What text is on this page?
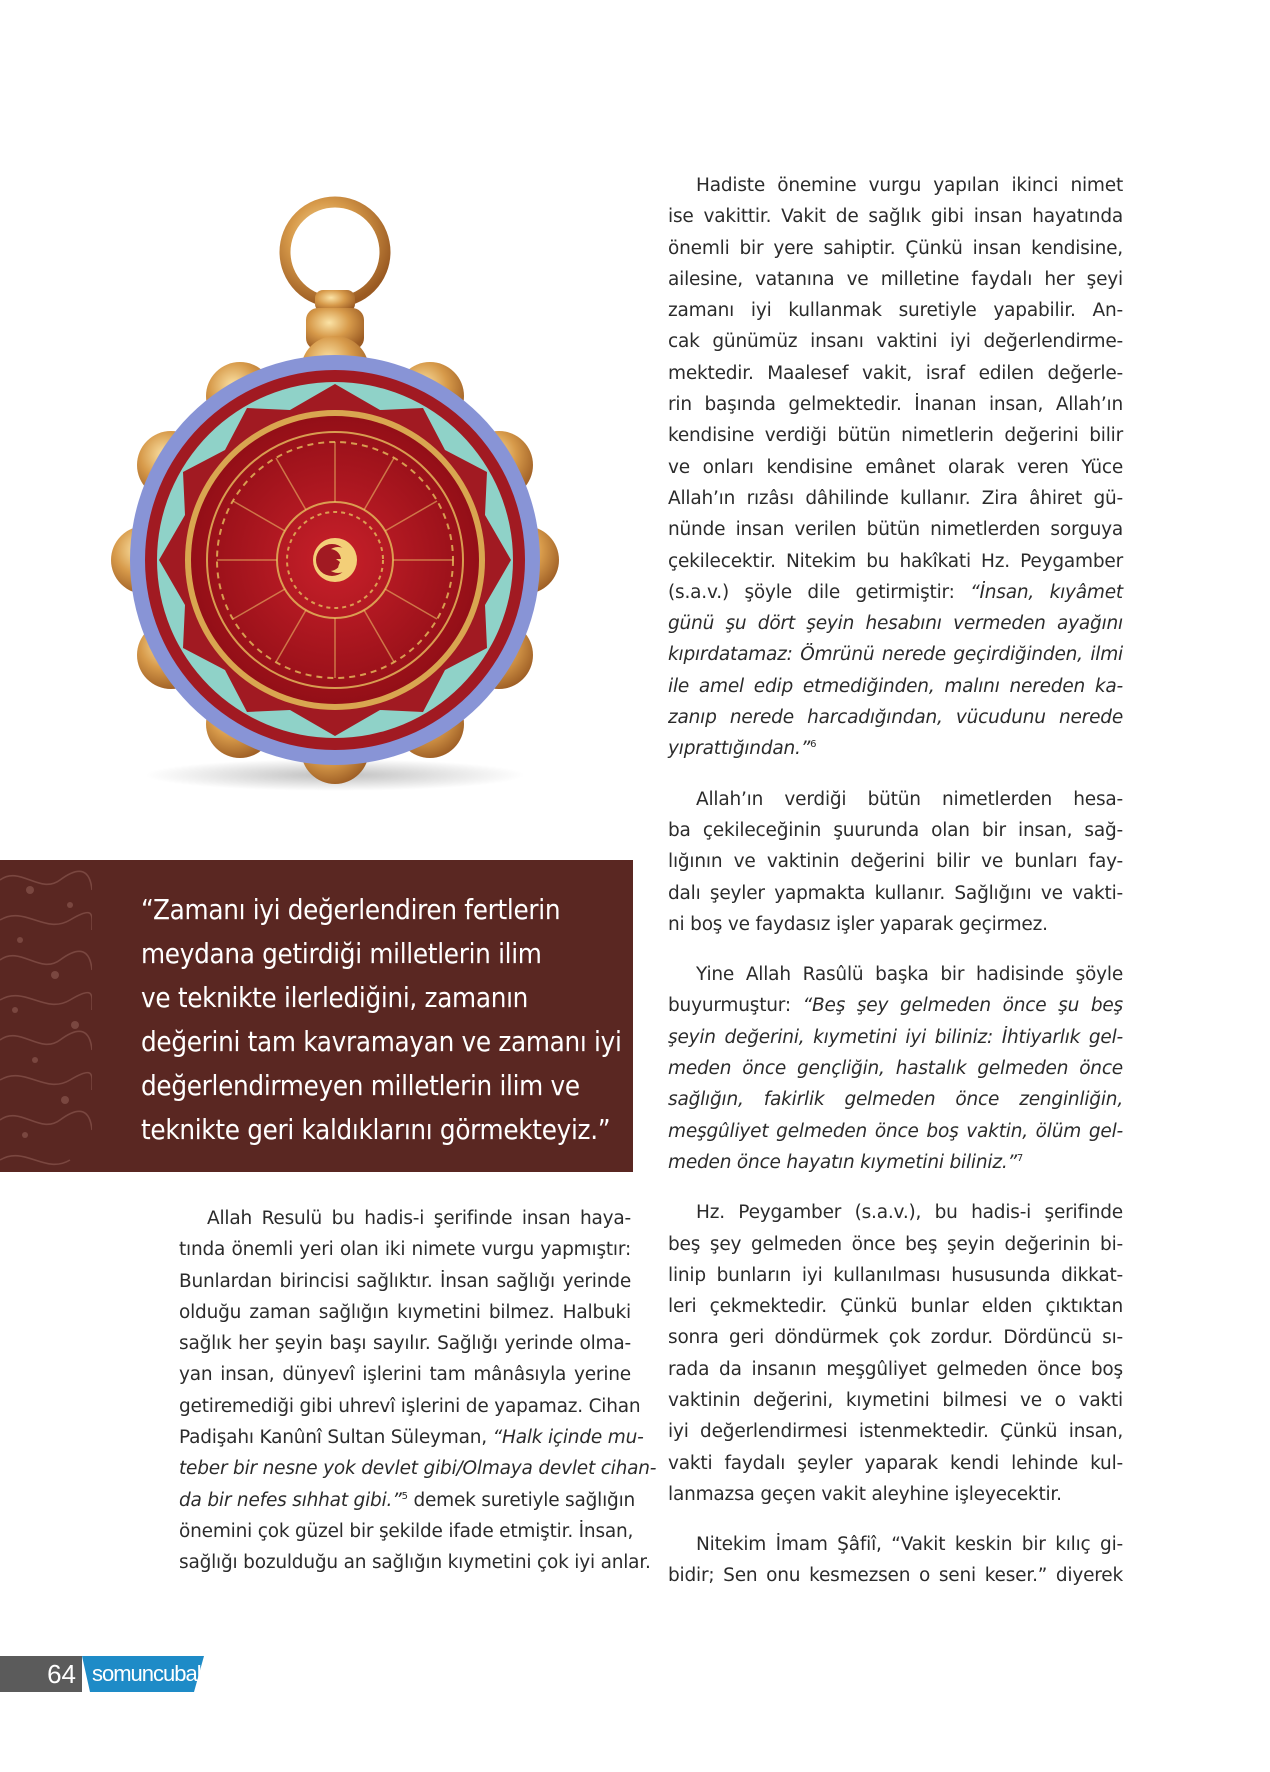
“Zamanı iyi değerlendiren fertlerin
meydana getirdiği milletlerin ilim
ve teknikte ilerlediğini, zamanın
değerini tam kavramayan ve zamanı iyi
değerlendirmeyen milletlerin ilim ve
teknikte geri kaldıklarını görmekteyiz.”
Allah Resulü bu hadis-i şerifinde insan haya-
tında önemli yeri olan iki nimete vurgu yapmıştır:
Bunlardan birincisi sağlıktır. İnsan sağlığı yerinde
olduğu zaman sağlığın kıymetini bilmez. Halbuki
sağlık her şeyin başı sayılır. Sağlığı yerinde olma-
yan insan, dünyevî işlerini tam mânâsıyla yerine
getiremediği gibi uhrevî işlerini de yapamaz. Cihan
Padişahı Kanûnî Sultan Süleyman, “Halk içinde mu-
teber bir nesne yok devlet gibi/Olmaya devlet cihan-
da bir nefes sıhhat gibi.”$^5$ demek suretiyle sağlığın
önemini çok güzel bir şekilde ifade etmiştir. İnsan,
sağlığı bozulduğu an sağlığın kıymetini çok iyi anlar.
Hadiste önemine vurgu yapılan ikinci nimet
ise vakittir. Vakit de sağlık gibi insan hayatında
önemli bir yere sahiptir. Çünkü insan kendisine,
ailesine, vatanına ve milletine faydalı her şeyi
zamanı iyi kullanmak suretiyle yapabilir. An-
cak günümüz insanı vaktini iyi değerlendirme-
mektedir. Maalesef vakit, israf edilen değerle-
rin başında gelmektedir. İnanan insan, Allah’ın
kendisine verdiği bütün nimetlerin değerini bilir
ve onları kendisine emânet olarak veren Yüce
Allah’ın rızâsı dâhilinde kullanır. Zira âhiret gü-
nünde insan verilen bütün nimetlerden sorguya
çekilecektir. Nitekim bu hakîkati Hz. Peygamber
(s.a.v.) şöyle dile getirmiştir: “İnsan, kıyâmet
günü şu dört şeyin hesabını vermeden ayağını
kıpırdatamaz: Ömrünü nerede geçirdiğinden, ilmi
ile amel edip etmediğinden, malını nereden ka-
zanıp nerede harcadığından, vücudunu nerede
yıprattığından.”$^6$
Allah’ın verdiği bütün nimetlerden hesa-
ba çekileceğinin şuurunda olan bir insan, sağ-
lığının ve vaktinin değerini bilir ve bunları fay-
dalı şeyler yapmakta kullanır. Sağlığını ve vakti-
ni boş ve faydasız işler yaparak geçirmez.
Yine Allah Rasûlü başka bir hadisinde şöyle
buyurmuştur: “Beş şey gelmeden önce şu beş
şeyin değerini, kıymetini iyi biliniz: İhtiyarlık gel-
meden önce gençliğin, hastalık gelmeden önce
sağlığın, fakirlik gelmeden önce zenginliğin,
meşgûliyet gelmeden önce boş vaktin, ölüm gel-
meden önce hayatın kıymetini biliniz.”$^7$
Hz. Peygamber (s.a.v.), bu hadis-i şerifinde
beş şey gelmeden önce beş şeyin değerinin bi-
linip bunların iyi kullanılması hususunda dikkat-
leri çekmektedir. Çünkü bunlar elden çıktıktan
sonra geri döndürmek çok zordur. Dördüncü sı-
rada da insanın meşgûliyet gelmeden önce boş
vaktinin değerini, kıymetini bilmesi ve o vakti
iyi değerlendirmesi istenmektedir. Çünkü insan,
vakti faydalı şeyler yaparak kendi lehinde kul-
lanmazsa geçen vakit aleyhine işleyecektir.
Nitekim İmam Şâfiî, “Vakit keskin bir kılıç gi-
bidir; Sen onu kesmezsen o seni keser.” diyerek
64 somuncubaba
